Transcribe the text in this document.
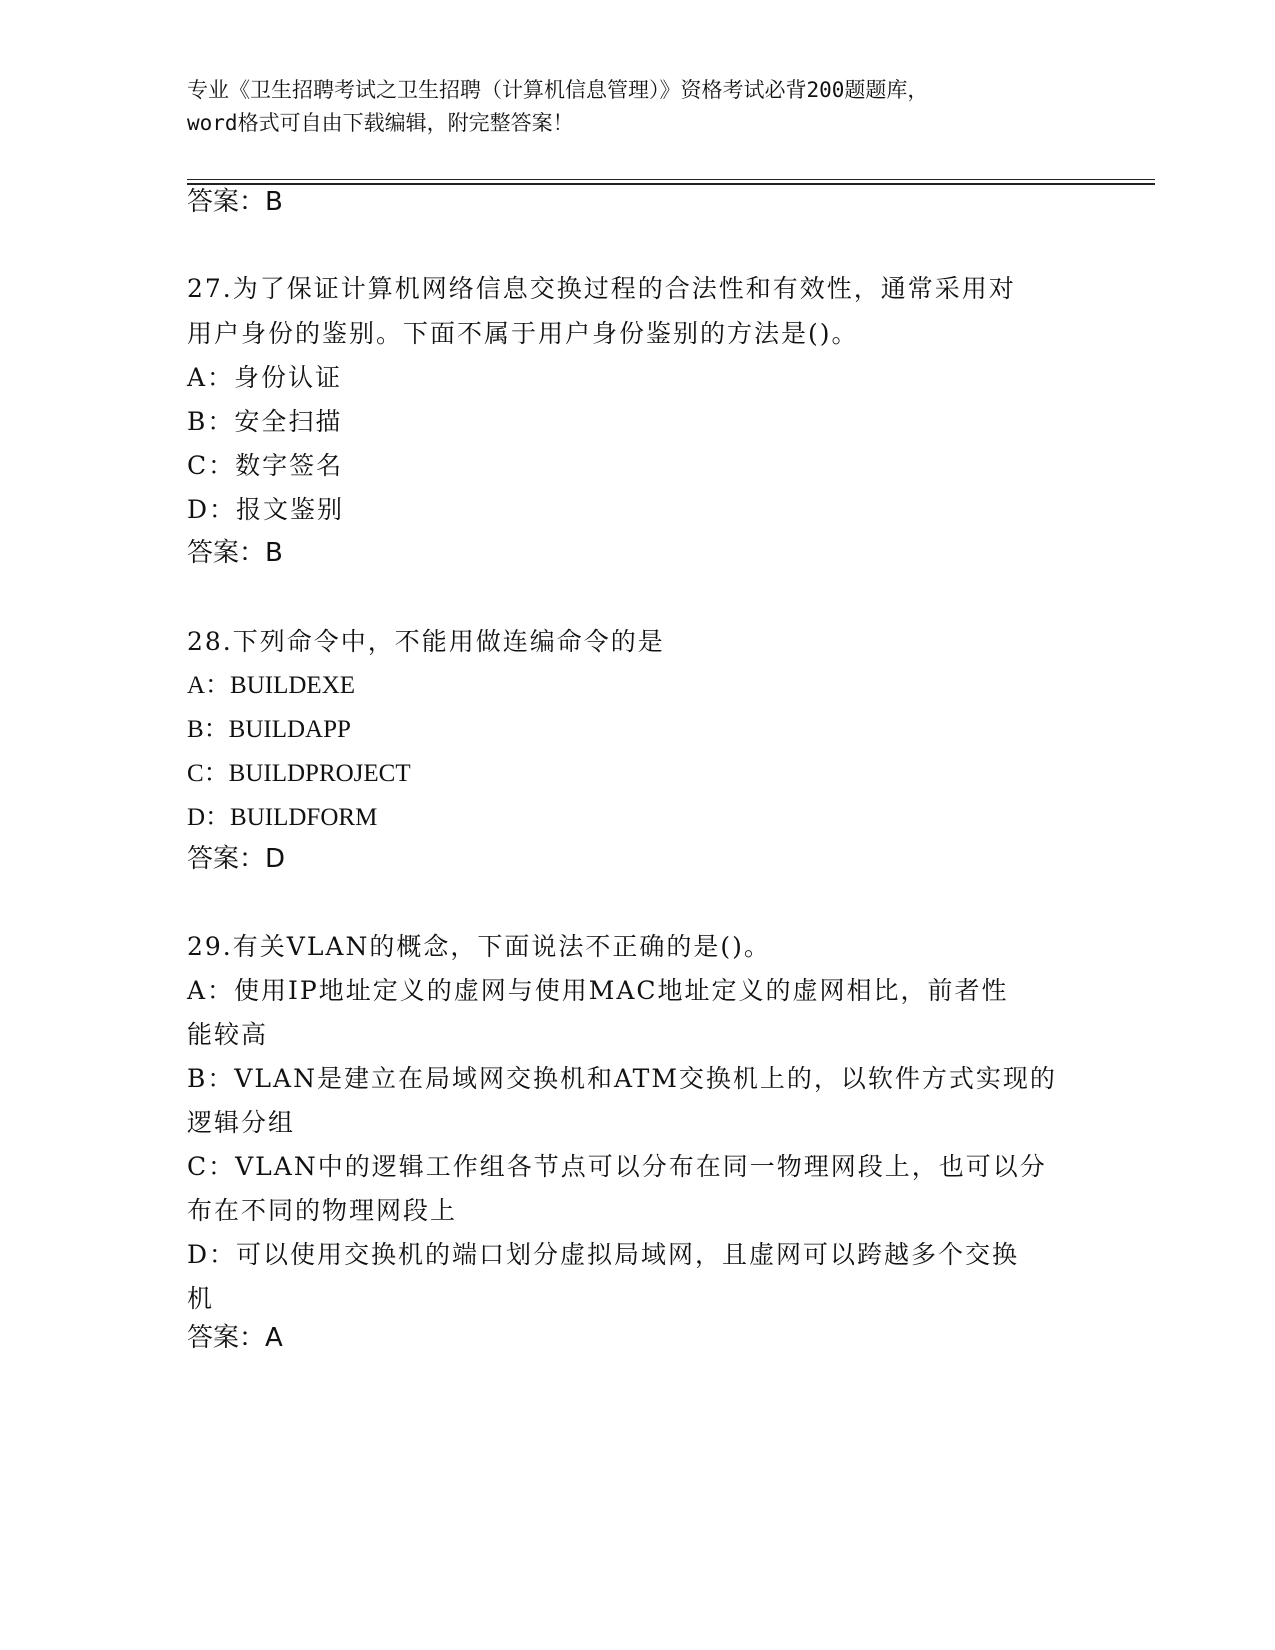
专业《卫生招聘考试之卫生招聘（计算机信息管理）》资格考试必背200题题库，
word格式可自由下载编辑，附完整答案！
答案：B
27.为了保证计算机网络信息交换过程的合法性和有效性，通常采用对
用户身份的鉴别。下面不属于用户身份鉴别的方法是()。
A：身份认证
B：安全扫描
C：数字签名
D：报文鉴别
答案：B
28.下列命令中，不能用做连编命令的是
A：BUILDEXE
B：BUILDAPP
C：BUILDPROJECT
D：BUILDFORM
答案：D
29.有关VLAN的概念，下面说法不正确的是()。
A：使用IP地址定义的虚网与使用MAC地址定义的虚网相比，前者性
能较高
B：VLAN是建立在局域网交换机和ATM交换机上的，以软件方式实现的
逻辑分组
C：VLAN中的逻辑工作组各节点可以分布在同一物理网段上，也可以分
布在不同的物理网段上
D：可以使用交换机的端口划分虚拟局域网，且虚网可以跨越多个交换
机
答案：A
